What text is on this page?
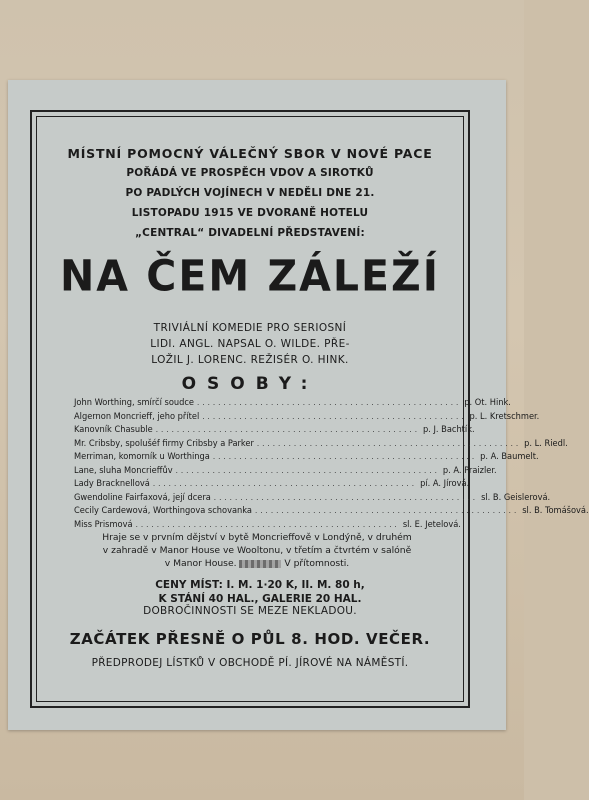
MÍSTNÍ POMOCNÝ VÁLEČNÝ SBOR V NOVÉ PACE
POŘÁDÁ VE PROSPĚCH VDOV A SIROTKŮ
PO PADLÝCH VOJÍNECH V NEDĚLI DNE 21.
LISTOPADU 1915 VE DVORANĚ HOTELU
„CENTRAL“ DIVADELNÍ PŘEDSTAVENÍ:
NA ČEM ZÁLEŽÍ
TRIVIÁLNÍ KOMEDIE PRO SERIOSNÍ
LIDI. ANGL. NAPSAL O. WILDE. PŘE-
LOŽIL J. LORENC. REŽISÉR O. HINK.
OSOBY:
John Worthing, smírčí soudce .................................................. p. Ot. Hink.
Algernon Moncrieff, jeho přítel .................................................. p. L. Kretschmer.
Kanovník Chasuble .................................................. p. J. Bachtík.
Mr. Cribsby, spolušéf firmy Cribsby a Parker .................................................. p. L. Riedl.
Merriman, komorník u Worthinga .................................................. p. A. Baumelt.
Lane, sluha Moncrieffův .................................................. p. A. Praizler.
Lady Bracknellová .................................................. pí. A. Jírová.
Gwendoline Fairfaxová, její dcera .................................................. sl. B. Geislerová.
Cecily Cardewová, Worthingova schovanka .................................................. sl. B. Tomášová.
Miss Prismová .................................................. sl. E. Jetelová.
Hraje se v prvním dějství v bytě Moncrieffově v Londýně, v druhém
v zahradě v Manor House ve Wooltonu, v třetím a čtvrtém v salóně
v Manor House.	V přítomnosti.
CENY MÍST: I. M. 1·20 K, II. M. 80 h,
K STÁNÍ 40 HAL., GALERIE 20 HAL.
DOBROČINNOSTI SE MEZE NEKLADOU.
ZAČÁTEK PŘESNĚ O PŮL 8. HOD. VEČER.
PŘEDPRODEJ LÍSTKŮ V OBCHODĚ PÍ. JÍROVÉ NA NÁMĚSTÍ.
